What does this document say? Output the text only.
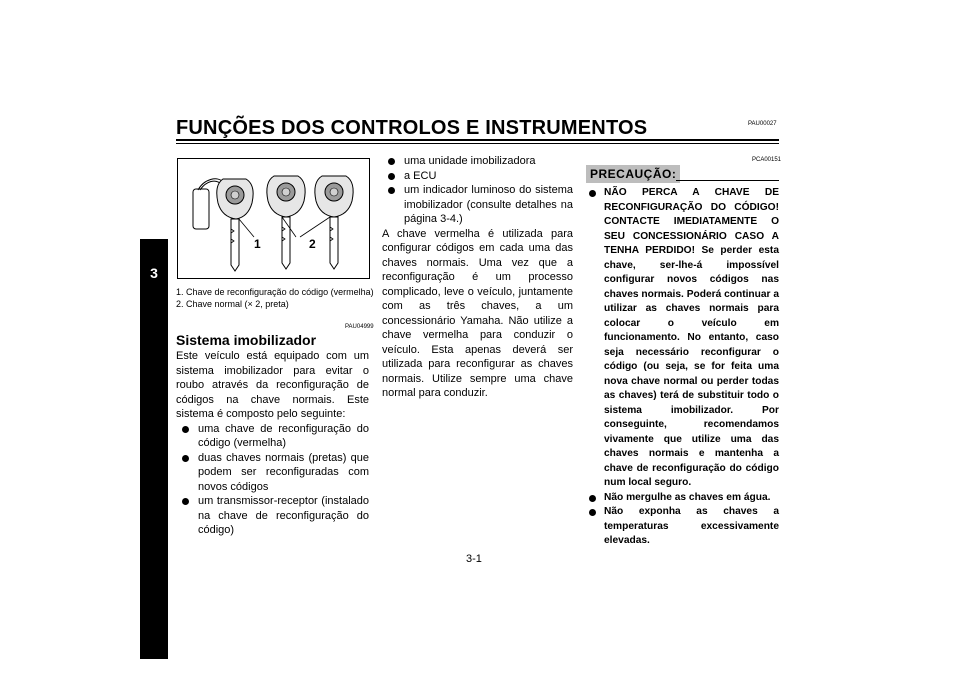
3
FUNÇÕES DOS CONTROLOS E INSTRUMENTOS	PAU00027
1	2
1. Chave de reconfiguração do código (vermelha)
2. Chave normal (× 2, preta)
PAU04999
Sistema imobilizador

Este veículo está equipado com um sistema imobilizador para evitar o roubo através da reconfiguração de códigos na chave normais. Este sistema é composto pelo seguinte:

uma chave de reconfiguração do código (vermelha)
duas chaves normais (pretas) que podem ser reconfiguradas com novos códigos
um transmissor-receptor (instalado na chave de reconfiguração do código)
uma unidade imobilizadora
a ECU
um indicador luminoso do sistema imobilizador (consulte detalhes na página 3-4.)

A chave vermelha é utilizada para configurar códigos em cada uma das chaves normais. Uma vez que a reconfiguração é um processo complicado, leve o veículo, juntamente com as três chaves, a um concessionário Yamaha. Não utilize a chave vermelha para conduzir o veículo. Esta apenas deverá ser utilizada para reconfigurar as chaves normais. Utilize sempre uma chave normal para conduzir.

PCA00151
PRECAUÇÃO:
NÃO PERCA A CHAVE DE RECONFIGURAÇÃO DO CÓDIGO! CONTACTE IMEDIATAMENTE O SEU CONCESSIONÁRIO CASO A TENHA PERDIDO! Se perder esta chave, ser-lhe-á impossível configurar novos códigos nas chaves normais. Poderá continuar a utilizar as chaves normais para colocar o veículo em funcionamento. No entanto, caso seja necessário reconfigurar o código (ou seja, se for feita uma nova chave normal ou perder todas as chaves) terá de substituir todo o sistema imobilizador. Por conseguinte, recomendamos vivamente que utilize uma das chaves normais e mantenha a chave de reconfiguração do código num local seguro.
Não mergulhe as chaves em água.
Não exponha as chaves a temperaturas excessivamente elevadas.
3-1
